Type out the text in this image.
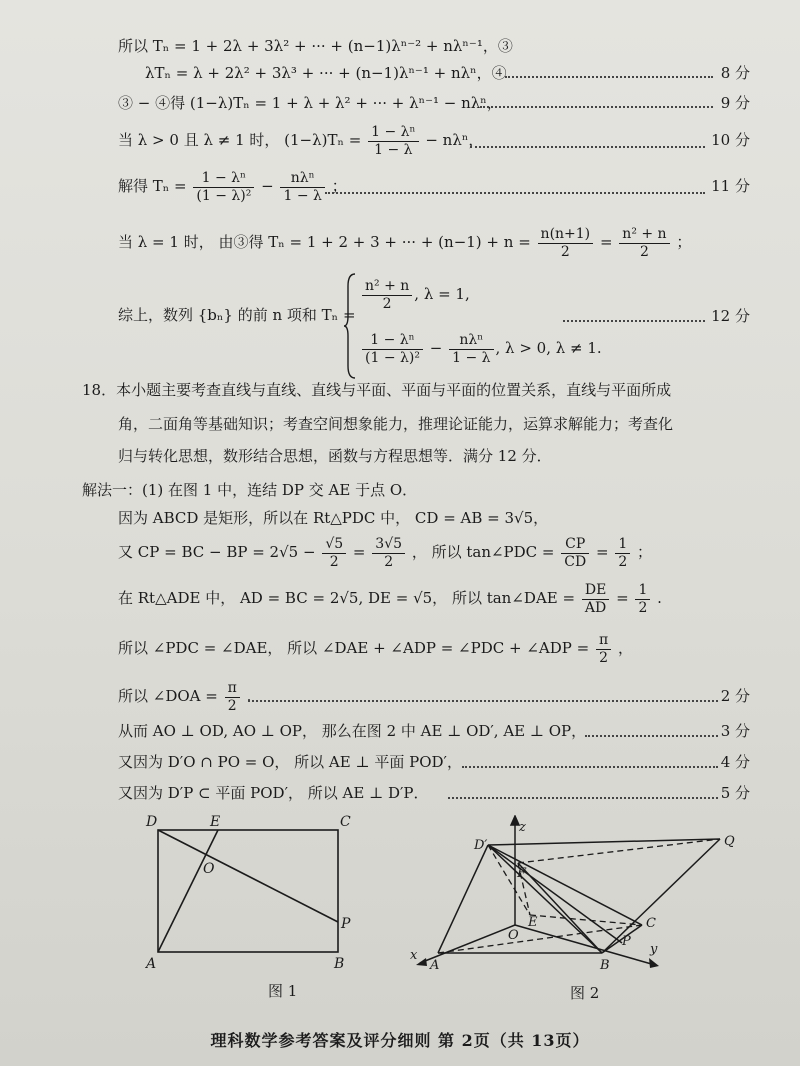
所以 Tₙ = 1 + 2λ + 3λ² + ··· + (n−1)λⁿ⁻² + nλⁿ⁻¹，③
λTₙ = λ + 2λ² + 3λ³ + ··· + (n−1)λⁿ⁻¹ + nλⁿ，④	8 分
③ − ④得 (1−λ)Tₙ = 1 + λ + λ² + ··· + λⁿ⁻¹ − nλⁿ，	9 分
当 λ > 0 且 λ ≠ 1 时， $(1-\lambda)T_n = \frac{\text{1 − λⁿ}}{1 - \lambda} - n\lambda^n$，	10 分
解得 $T_n = \frac{\text{1 − λⁿ}}{\text{(1 − λ)²}} - \frac{\text{nλⁿ}}{1 - \lambda}$ ；	11 分
当 λ = 1 时， 由③得 Tₙ = 1 + 2 + 3 + ··· + $(n-1) + n = \frac{n(n+1)}{2} = \frac{\text{n² + n}}{2}$ ；
综上，数列 {bₙ} 的前 n 项和 Tₙ =
$\frac{\text{n² + n}}{2}$ , λ = 1,
$\frac{\text{1 − λⁿ}}{\text{(1 − λ)²}} - \frac{\text{nλⁿ}}{1 - \lambda}$ , λ > 0, λ ≠ 1.
12 分
18．本小题主要考查直线与直线、直线与平面、平面与平面的位置关系，直线与平面所成
角，二面角等基础知识；考查空间想象能力，推理论证能力，运算求解能力；考查化
归与转化思想，数形结合思想，函数与方程思想等．满分 12 分．
解法一：(1) 在图 1 中，连结 DP 交 AE 于点 O．
因为 ABCD 是矩形，所以在 Rt△PDC 中， CD = AB = 3√5，
又 CP = BC − BP = $2√5 - \frac{√5}{2} = \frac{3√5}{2}$ ， 所以 tan∠PDC = $\frac{CP}{CD} = \frac{1}{2}$ ；
在 Rt△ADE 中， AD = BC = 2√5, DE = √5， 所以 tan∠DAE = $\frac{DE}{AD} = \frac{1}{2}$ .
所以 ∠PDC = ∠DAE， 所以 ∠DAE + ∠ADP = ∠PDC + ∠ADP = $\frac{\pi}{2}$ ，
所以 ∠DOA = $\frac{\pi}{2}$ .	2 分
从而 AO ⊥ OD, AO ⊥ OP， 那么在图 2 中 AE ⊥ OD′, AE ⊥ OP，	3 分
又因为 D′O ∩ PO = O， 所以 AE ⊥ 平面 POD′，	4 分
又因为 D′P ⊂ 平面 POD′， 所以 AE ⊥ D′P．	5 分
D	E	C
O
P
A	B
图 1
D′	Q
z
F
E
O
C
P
x
A	B
y
图 2
理科数学参考答案及评分细则 第 2页（共 13页）
